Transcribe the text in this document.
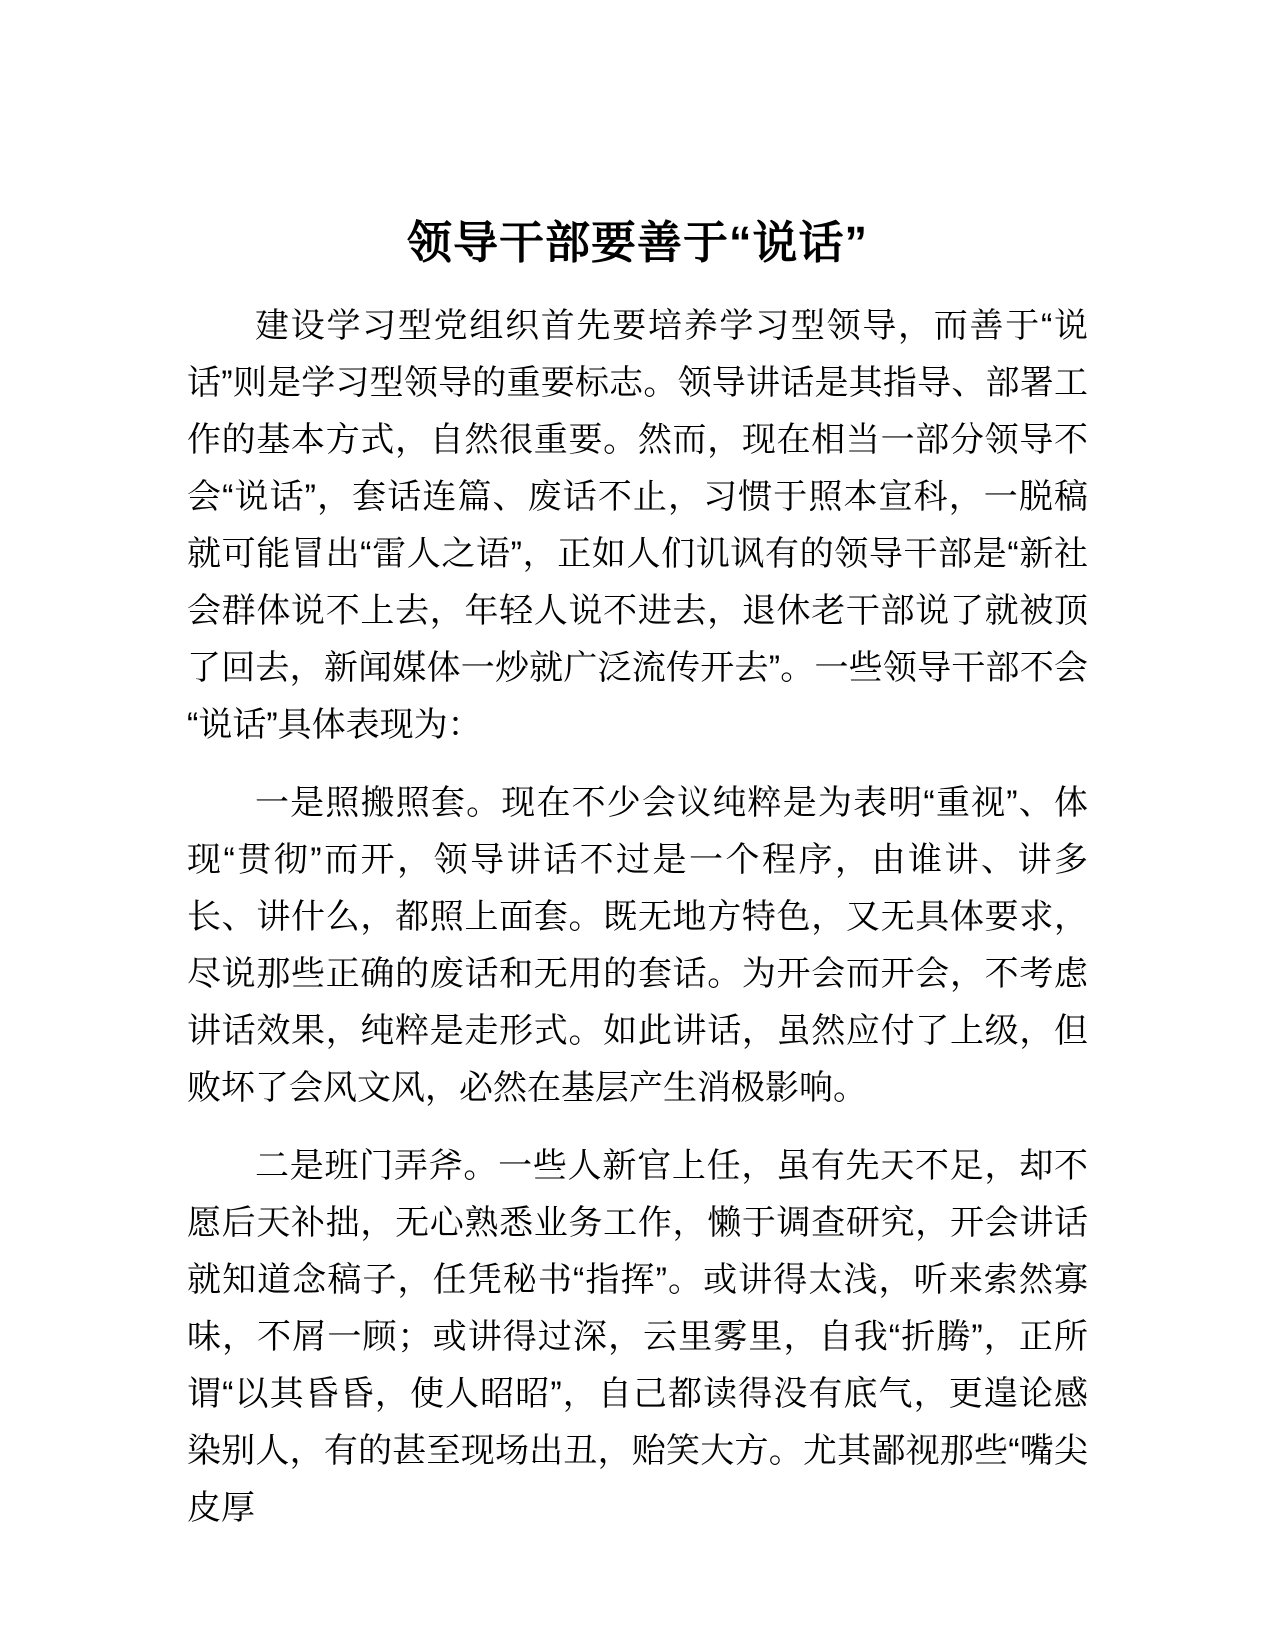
领导干部要善于“说话”

建设学习型党组织首先要培养学习型领导，而善于“说话”则是学习型领导的重要标志。领导讲话是其指导、部署工作的基本方式，自然很重要。然而，现在相当一部分领导不会“说话”，套话连篇、废话不止，习惯于照本宣科，一脱稿就可能冒出“雷人之语”，正如人们讥讽有的领导干部是“新社会群体说不上去，年轻人说不进去，退休老干部说了就被顶了回去，新闻媒体一炒就广泛流传开去”。一些领导干部不会“说话”具体表现为：

一是照搬照套。现在不少会议纯粹是为表明“重视”、体现“贯彻”而开，领导讲话不过是一个程序，由谁讲、讲多长、讲什么，都照上面套。既无地方特色，又无具体要求，尽说那些正确的废话和无用的套话。为开会而开会，不考虑讲话效果，纯粹是走形式。如此讲话，虽然应付了上级，但败坏了会风文风，必然在基层产生消极影响。

二是班门弄斧。一些人新官上任，虽有先天不足，却不愿后天补拙，无心熟悉业务工作，懒于调查研究，开会讲话就知道念稿子，任凭秘书“指挥”。或讲得太浅，听来索然寡味，不屑一顾；或讲得过深，云里雾里，自我“折腾”，正所谓“以其昏昏，使人昭昭”，自己都读得没有底气，更遑论感染别人，有的甚至现场出丑，贻笑大方。尤其鄙视那些“嘴尖皮厚
